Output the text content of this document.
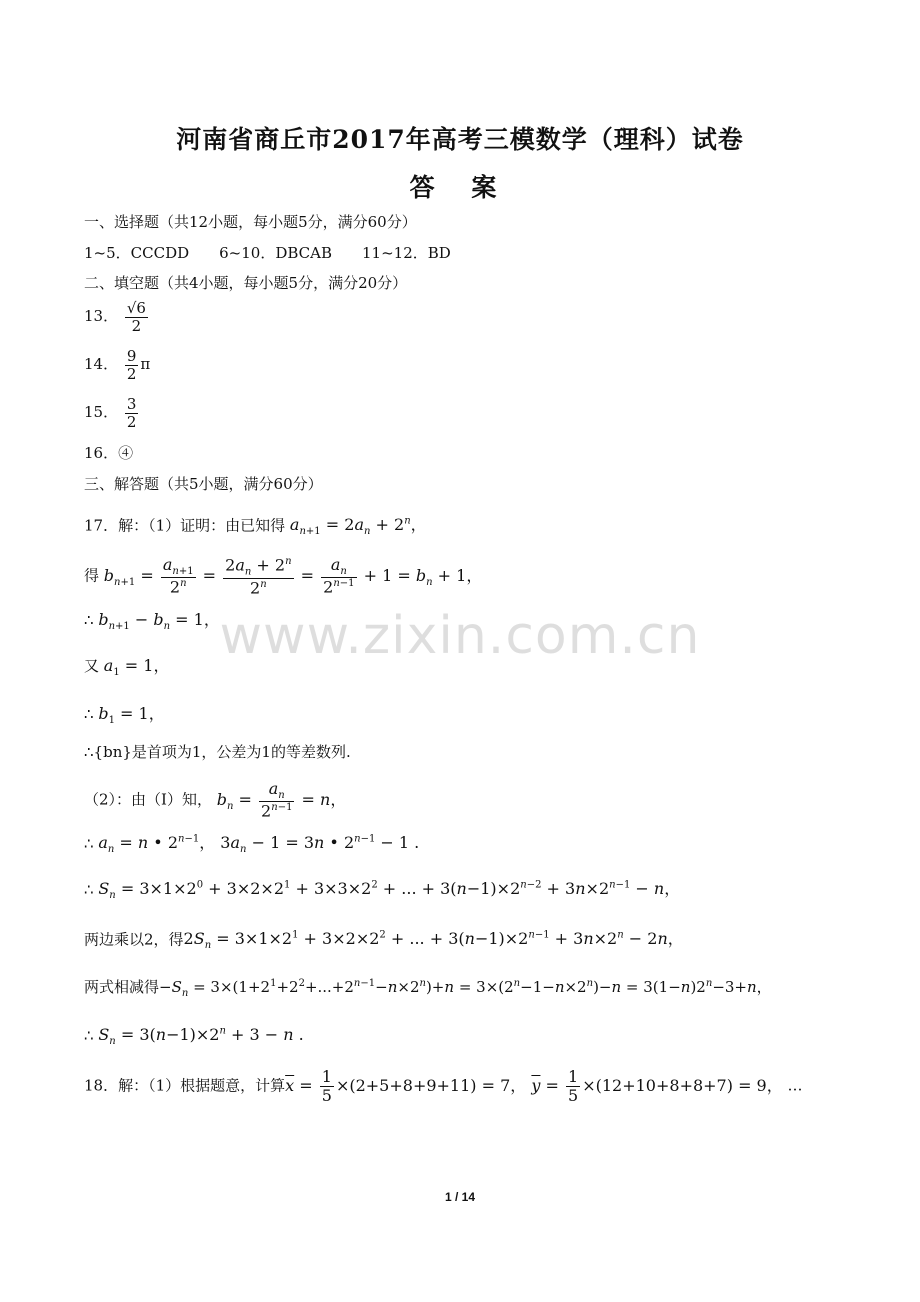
河南省商丘市2017年高考三模数学（理科）试卷
答 案
一、选择题（共12小题，每小题5分，满分60分）
1~5．CCCDD　　6~10．DBCAB　　11~12．BD
二、填空题（共4小题，每小题5分，满分20分）
13． $\frac{√6}{2}$
14． $\frac{9}{2}$ π
15． $\frac{3}{2}$
16．④
三、解答题（共5小题，满分60分）
17．解：（1）证明：由已知得 $a_{n+1} = 2a_n + 2^n$，
得 $b_{n+1} = \frac{a_{n+1}}{2^n} = \frac{2a_n + 2^n}{2^n} = \frac{a_n}{2^{n-1}} + 1 = b_n + 1$，
∴ $b_{n+1} - b_n = 1$，
又 $a_1 = 1$，
∴ $b_1 = 1$，
∴{bn}是首项为1，公差为1的等差数列.
（2）：由（Ⅰ）知， $b_n = \frac{a_n}{2^{n-1}} = n$，
∴ $a_n = n$ • $2^{n-1}$， $3a_n - 1 = 3n$ • $2^{n-1} - 1$ .
∴ $S_n = 3\times 1\times 2^0 + 3\times 2\times 2^1 + 3\times 3\times 2^2$ + ... + $3(n-1)\times 2^{n-2} + 3n\times 2^{n-1} - n$，
两边乘以2，得$2S_n = 3\times 1\times 2^1 + 3\times 2\times 2^2$ + ... + $3(n-1)\times 2^{n-1} + 3n\times 2^n - 2n$，
两式相减得$-S_n = 3\times(1+2^1+2^2+...+2^{n-1}-n\times 2^n)+n = 3\times(2^n-1-n\times 2^n)-n = 3(1-n)2^n-3+n$，
∴ $S_n = 3(n-1)\times 2^n + 3 - n$ .
18．解：（1）根据题意，计算$\overline{x} = \frac{1}{5} \times(2+5+8+9+11) = 7$， $\overline{y} = \frac{1}{5} \times(12+10+8+8+7) = 9$， …
www.zixin.com.cn
1 / 14
